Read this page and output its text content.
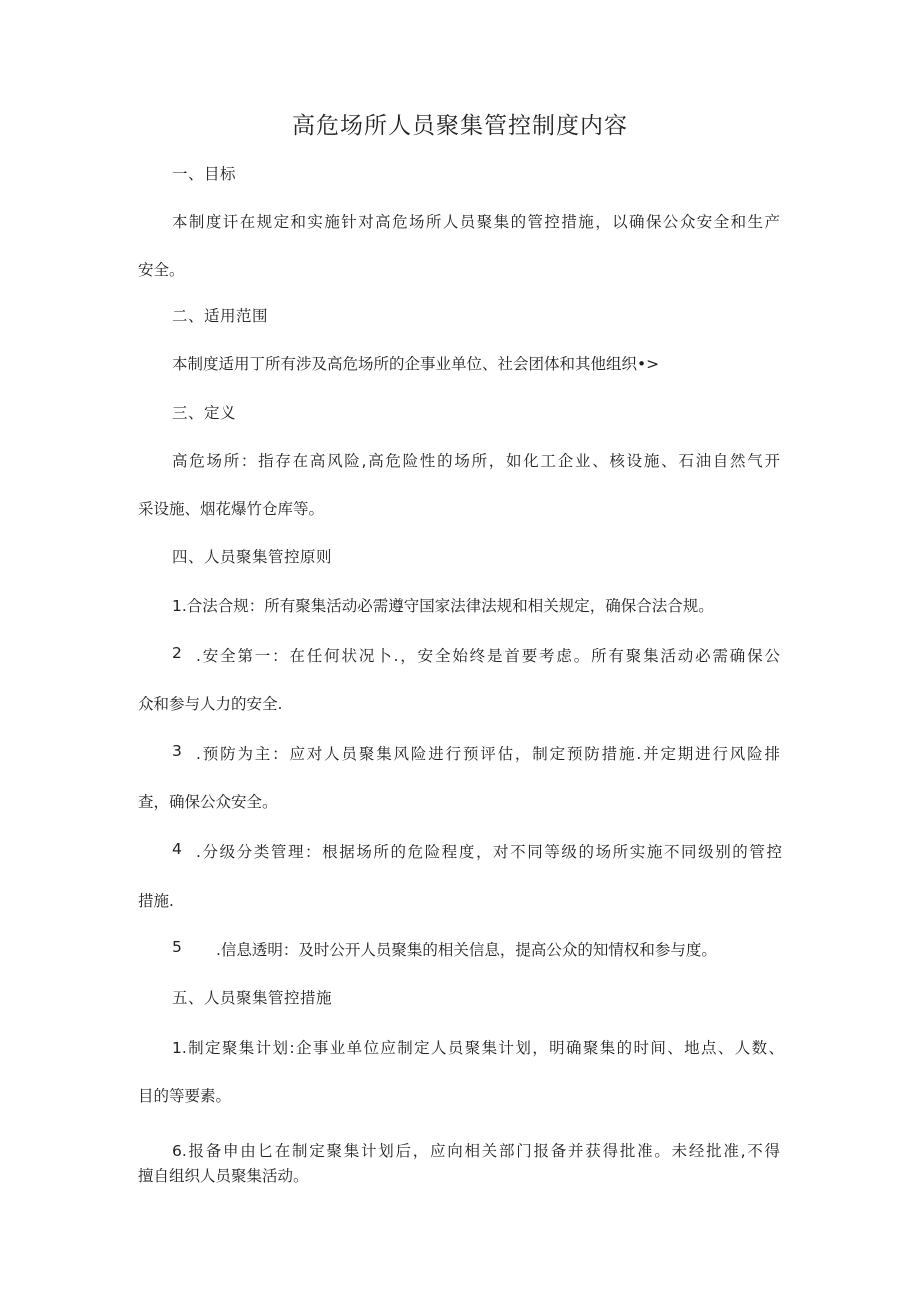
高危场所人员聚集管控制度内容
一、目标
本制度讦在规定和实施针对高危场所人员聚集的管控措施，以确保公众安全和生产
安全。
二、适用范围
本制度适用丁所有涉及高危场所的企事业单位、社会团体和其他组织•>
三、定义
高危场所：指存在高风险,高危险性的场所，如化工企业、核设施、石油自然气开
采设施、烟花爆竹仓库等。
四、人员聚集管控原则
1.合法合规：所有聚集活动必需遵守国家法律法规和相关规定，确保合法合规。
2 .安全第一：在任何状况卜.，安全始终是首要考虑。所有聚集活动必需确保公
众和参与人力的安全.
3 .预防为主：应对人员聚集风险进行预评估，制定预防措施.并定期进行风险排
查，确保公众安全。
4 .分级分类管理：根据场所的危险程度，对不同等级的场所实施不同级别的管控
措施.
5 .信息透明：及时公开人员聚集的相关信息，提高公众的知情权和参与度。
五、人员聚集管控措施
1.制定聚集计划:企事业单位应制定人员聚集计划，明确聚集的时间、地点、人数、
目的等要素。
6.报备申由匕在制定聚集计划后，应向相关部门报备并获得批准。未经批准,不得
擅自组织人员聚集活动。
